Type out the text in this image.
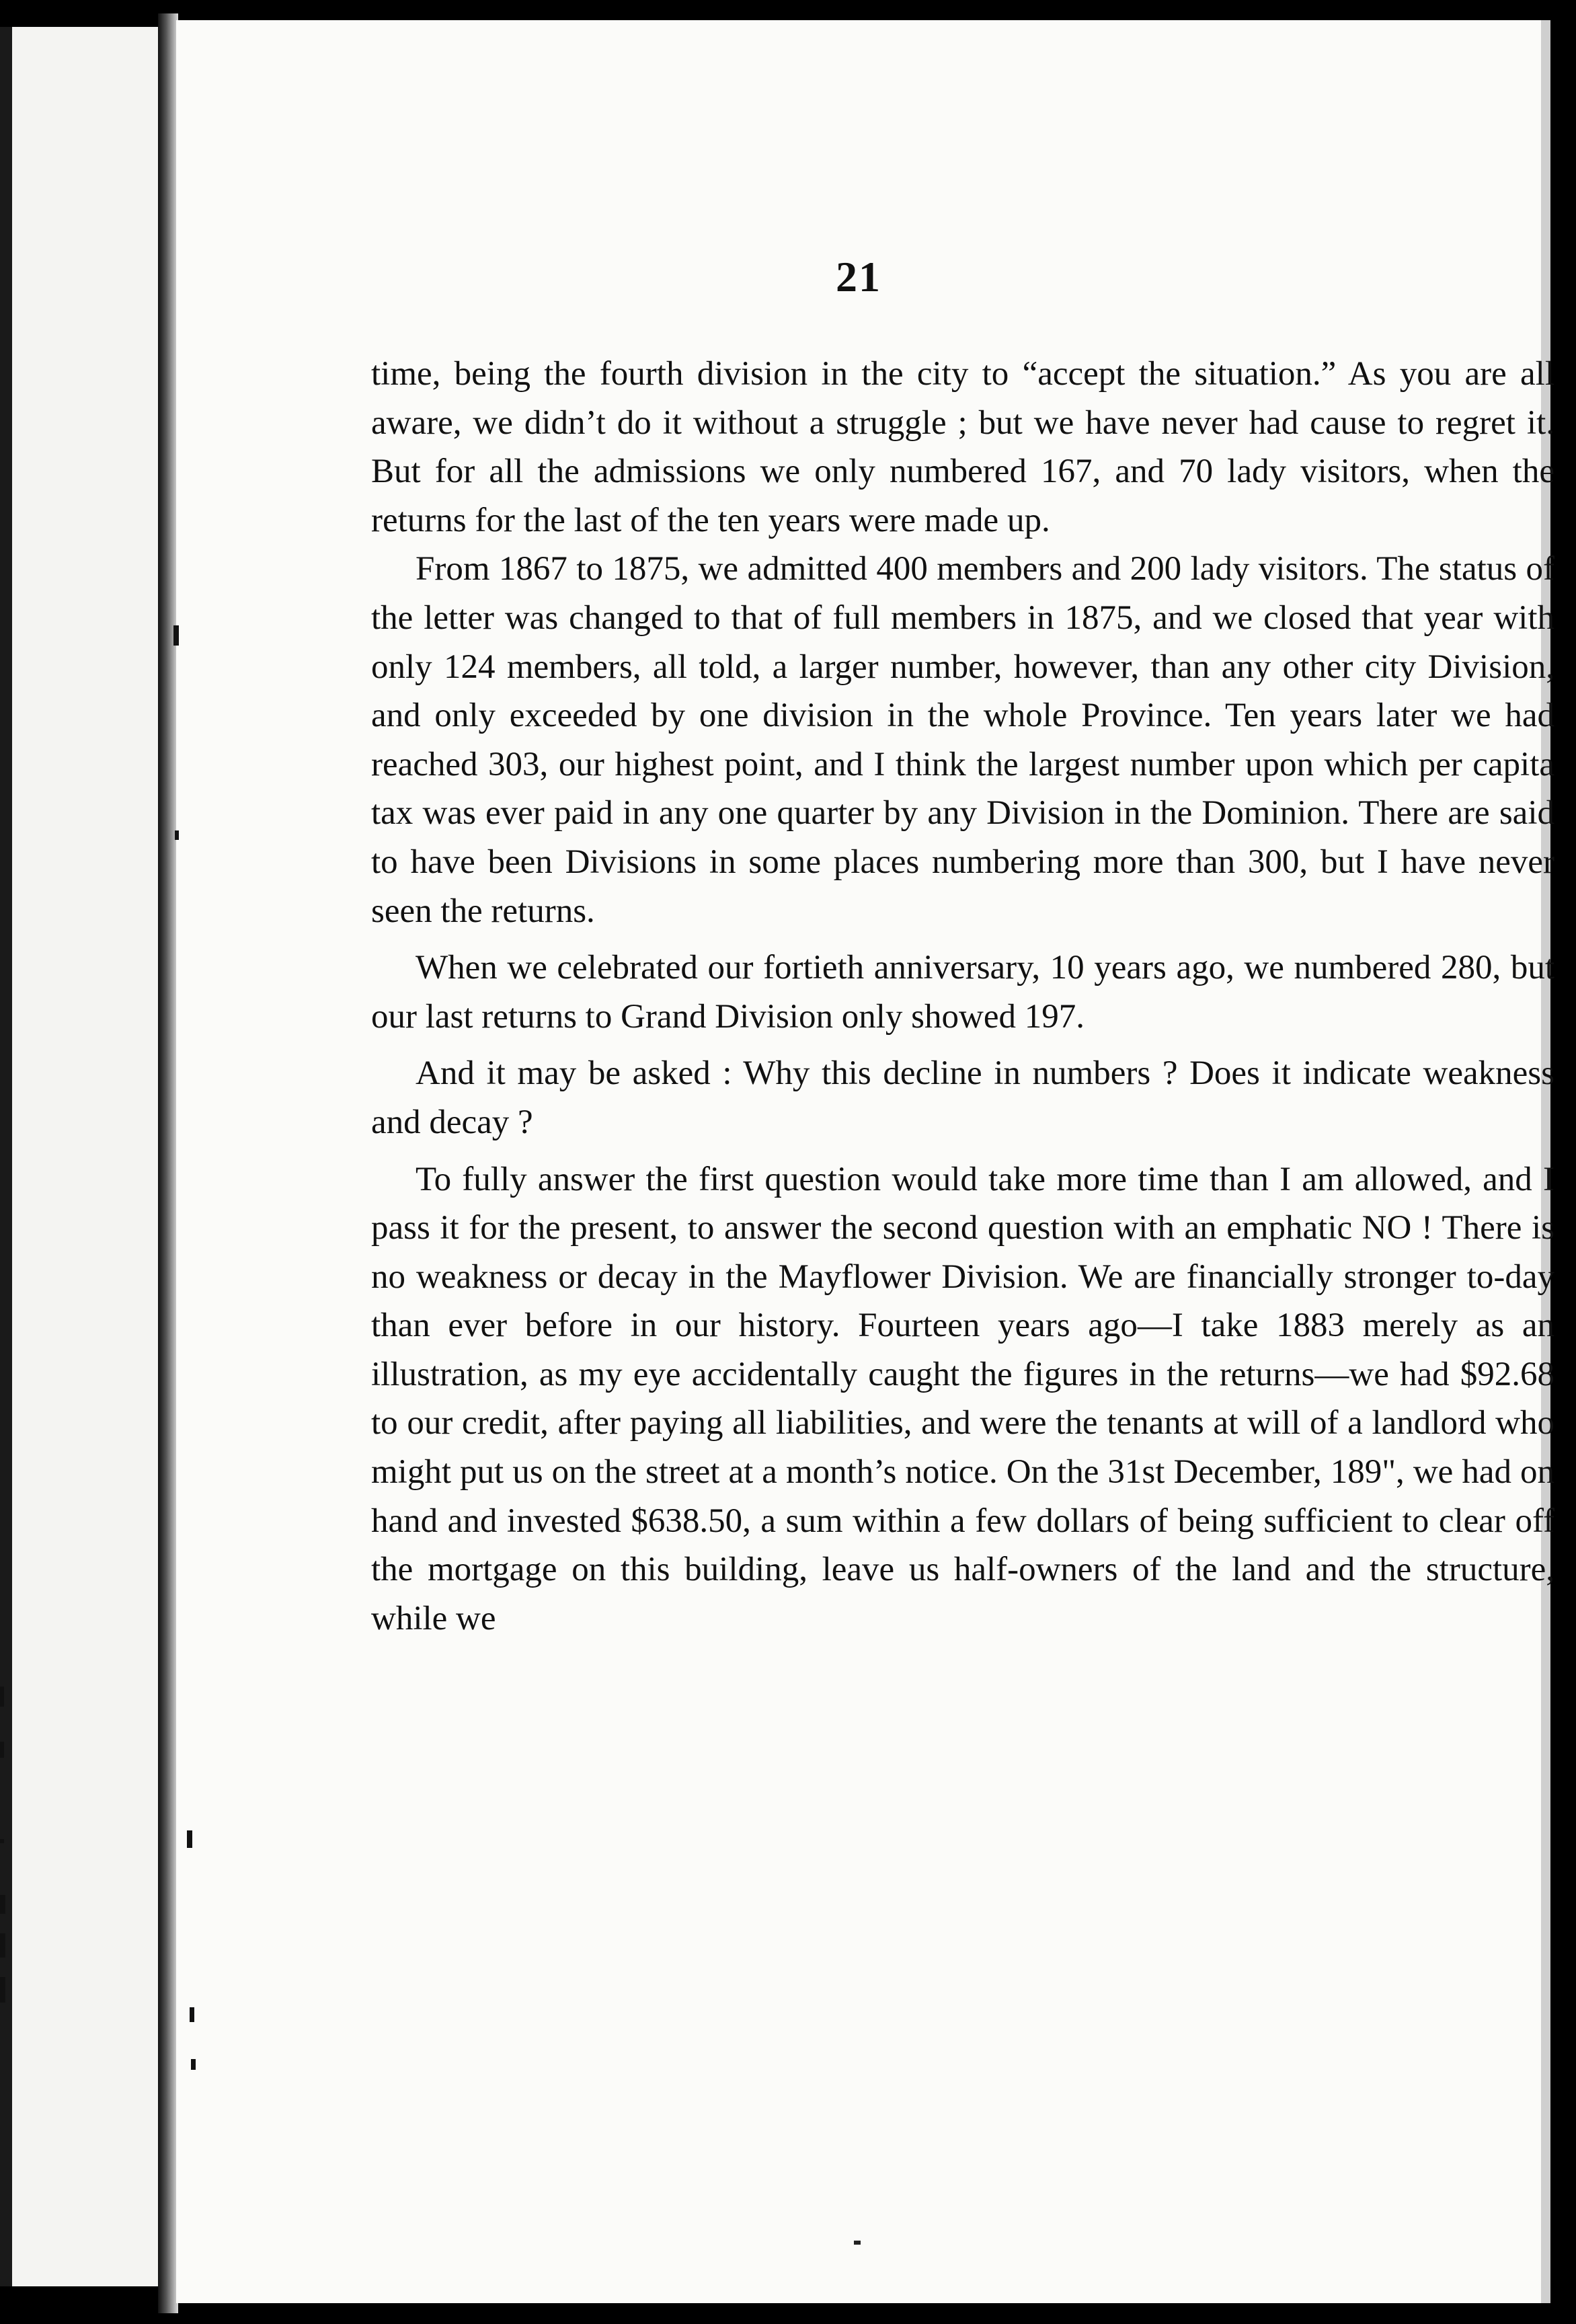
21

time, being the fourth division in the city to “accept the situation.” As you are all aware, we didn’t do it without a struggle ; but we have never had cause to regret it. But for all the admissions we only numbered 167, and 70 lady visitors, when the returns for the last of the ten years were made up.

From 1867 to 1875, we admitted 400 members and 200 lady visitors. The status of the letter was changed to that of full members in 1875, and we closed that year with only 124 members, all told, a larger number, however, than any other city Division, and only exceeded by one division in the whole Province. Ten years later we had reached 303, our highest point, and I think the largest number upon which per capita tax was ever paid in any one quarter by any Division in the Dominion. There are said to have been Divisions in some places numbering more than 300, but I have never seen the returns.

When we celebrated our fortieth anniversary, 10 years ago, we numbered 280, but our last returns to Grand Division only showed 197.

And it may be asked : Why this decline in numbers ? Does it indicate weakness and decay ?

To fully answer the first question would take more time than I am allowed, and I pass it for the present, to answer the second question with an emphatic NO ! There is no weakness or decay in the Mayflower Division. We are financially stronger to-day than ever before in our history. Fourteen years ago—I take 1883 merely as an illustration, as my eye accidentally caught the figures in the returns—we had $92.68 to our credit, after paying all liabilities, and were the tenants at will of a landlord who might put us on the street at a month’s notice. On the 31st December, 189", we had on hand and invested $638.50, a sum within a few dollars of being sufficient to clear off the mortgage on this building, leave us half-owners of the land and the structure, while we
